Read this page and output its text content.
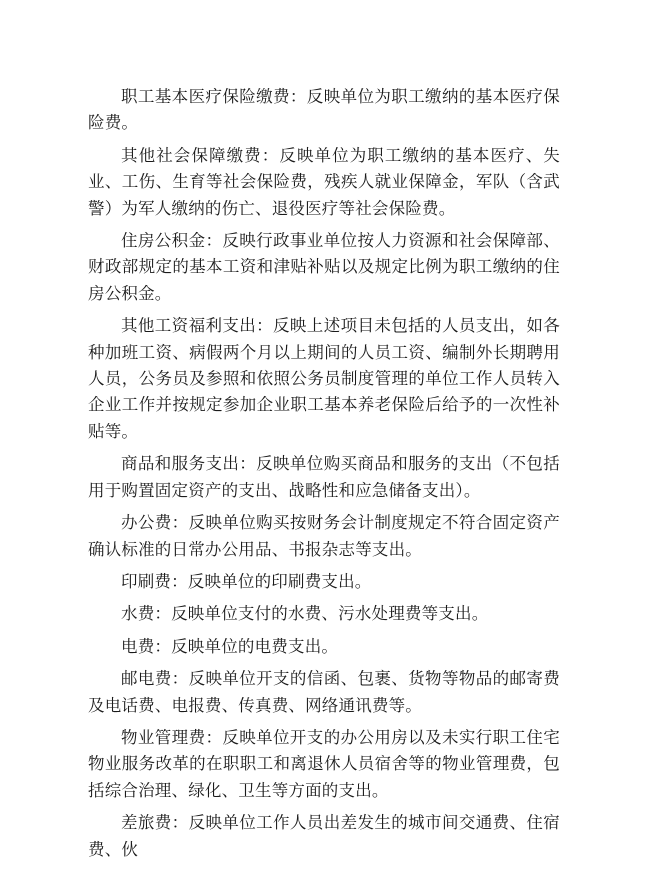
职工基本医疗保险缴费：反映单位为职工缴纳的基本医疗保险费。

其他社会保障缴费：反映单位为职工缴纳的基本医疗、失业、工伤、生育等社会保险费，残疾人就业保障金，军队（含武警）为军人缴纳的伤亡、退役医疗等社会保险费。

住房公积金：反映行政事业单位按人力资源和社会保障部、财政部规定的基本工资和津贴补贴以及规定比例为职工缴纳的住房公积金。

其他工资福利支出：反映上述项目未包括的人员支出，如各种加班工资、病假两个月以上期间的人员工资、编制外长期聘用人员，公务员及参照和依照公务员制度管理的单位工作人员转入企业工作并按规定参加企业职工基本养老保险后给予的一次性补贴等。

商品和服务支出：反映单位购买商品和服务的支出（不包括用于购置固定资产的支出、战略性和应急储备支出）。

办公费：反映单位购买按财务会计制度规定不符合固定资产确认标准的日常办公用品、书报杂志等支出。

印刷费：反映单位的印刷费支出。

水费：反映单位支付的水费、污水处理费等支出。

电费：反映单位的电费支出。

邮电费：反映单位开支的信函、包裹、货物等物品的邮寄费及电话费、电报费、传真费、网络通讯费等。

物业管理费：反映单位开支的办公用房以及未实行职工住宅物业服务改革的在职职工和离退休人员宿舍等的物业管理费，包括综合治理、绿化、卫生等方面的支出。

差旅费：反映单位工作人员出差发生的城市间交通费、住宿费、伙
